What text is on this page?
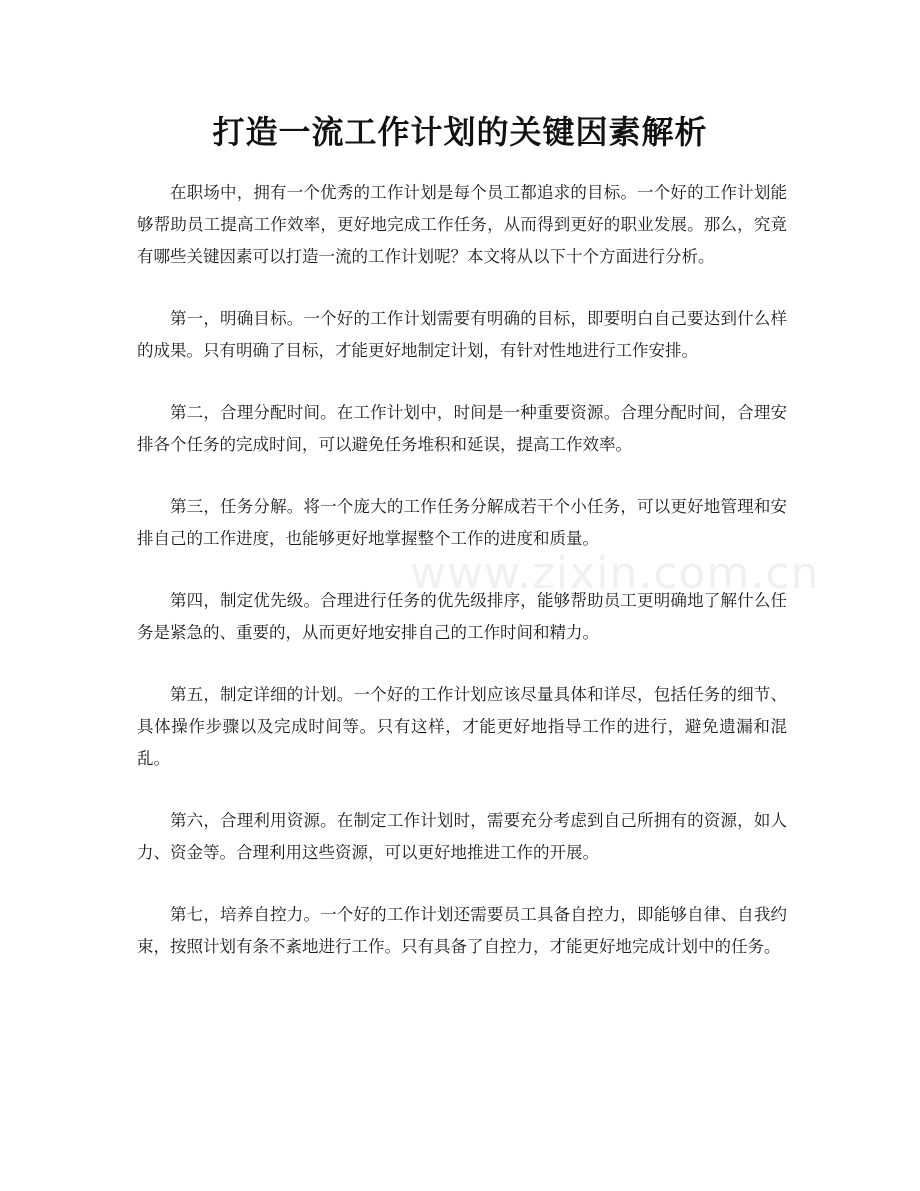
打造一流工作计划的关键因素解析
www.zixin.com.cn

在职场中，拥有一个优秀的工作计划是每个员工都追求的目标。一个好的工作计划能够帮助员工提高工作效率，更好地完成工作任务，从而得到更好的职业发展。那么，究竟有哪些关键因素可以打造一流的工作计划呢？本文将从以下十个方面进行分析。

第一，明确目标。一个好的工作计划需要有明确的目标，即要明白自己要达到什么样的成果。只有明确了目标，才能更好地制定计划，有针对性地进行工作安排。

第二，合理分配时间。在工作计划中，时间是一种重要资源。合理分配时间，合理安排各个任务的完成时间，可以避免任务堆积和延误，提高工作效率。

第三，任务分解。将一个庞大的工作任务分解成若干个小任务，可以更好地管理和安排自己的工作进度，也能够更好地掌握整个工作的进度和质量。

第四，制定优先级。合理进行任务的优先级排序，能够帮助员工更明确地了解什么任务是紧急的、重要的，从而更好地安排自己的工作时间和精力。

第五，制定详细的计划。一个好的工作计划应该尽量具体和详尽，包括任务的细节、具体操作步骤以及完成时间等。只有这样，才能更好地指导工作的进行，避免遗漏和混乱。

第六，合理利用资源。在制定工作计划时，需要充分考虑到自己所拥有的资源，如人力、资金等。合理利用这些资源，可以更好地推进工作的开展。

第七，培养自控力。一个好的工作计划还需要员工具备自控力，即能够自律、自我约束，按照计划有条不紊地进行工作。只有具备了自控力，才能更好地完成计划中的任务。
